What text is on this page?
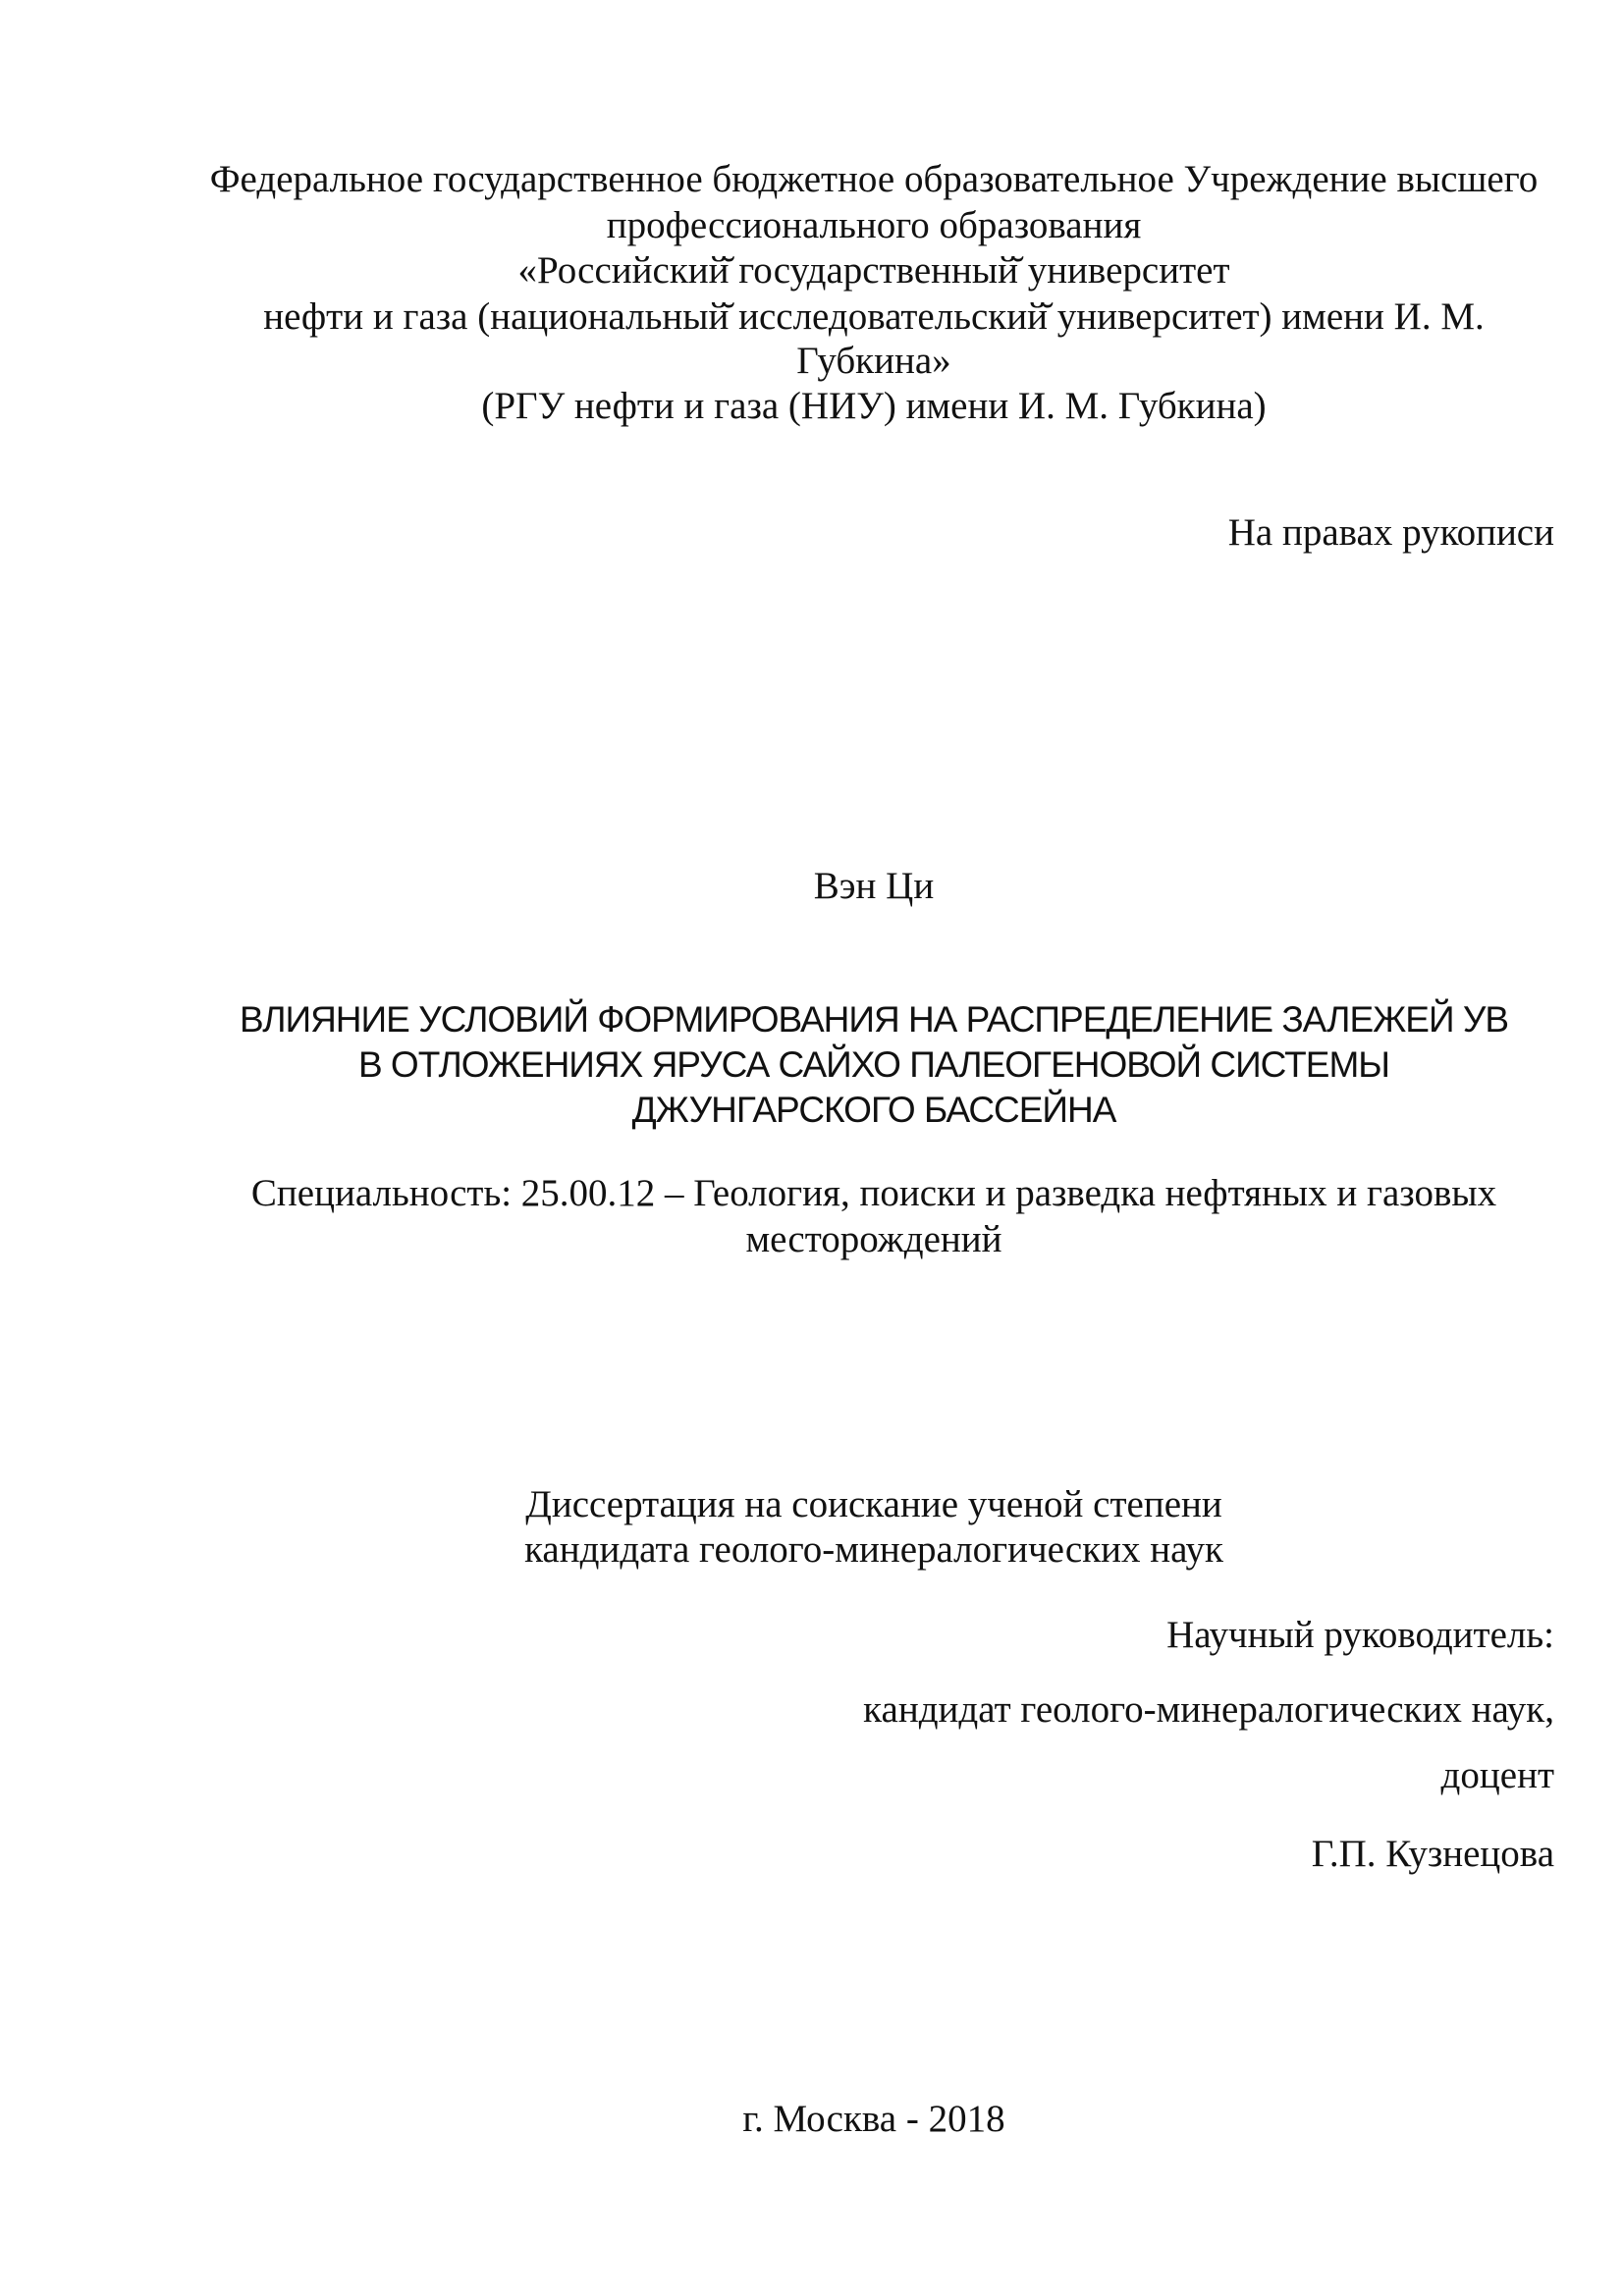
Федеральное государственное бюджетное образовательное Учреждение высшего
профессионального образования
«Российский̆ государственный̆ университет
нефти и газа (национальный̆ исследовательский̆ университет) имени И. М.
Губкина»
(РГУ нефти и газа (НИУ) имени И. М. Губкина)
На правах рукописи
Вэн Ци
ВЛИЯНИЕ УСЛОВИЙ ФОРМИРОВАНИЯ НА РАСПРЕДЕЛЕНИЕ ЗАЛЕЖЕЙ УВ
В ОТЛОЖЕНИЯХ ЯРУСА САЙХО ПАЛЕОГЕНОВОЙ СИСТЕМЫ
ДЖУНГАРСКОГО БАССЕЙНА
Специальность: 25.00.12 – Геология, поиски и разведка нефтяных и газовых
месторождений
Диссертация на соискание ученой степени
кандидата геолого-минералогических наук
Научный руководитель:
кандидат геолого-минералогических наук,
доцент
Г.П. Кузнецова
г. Москва - 2018
